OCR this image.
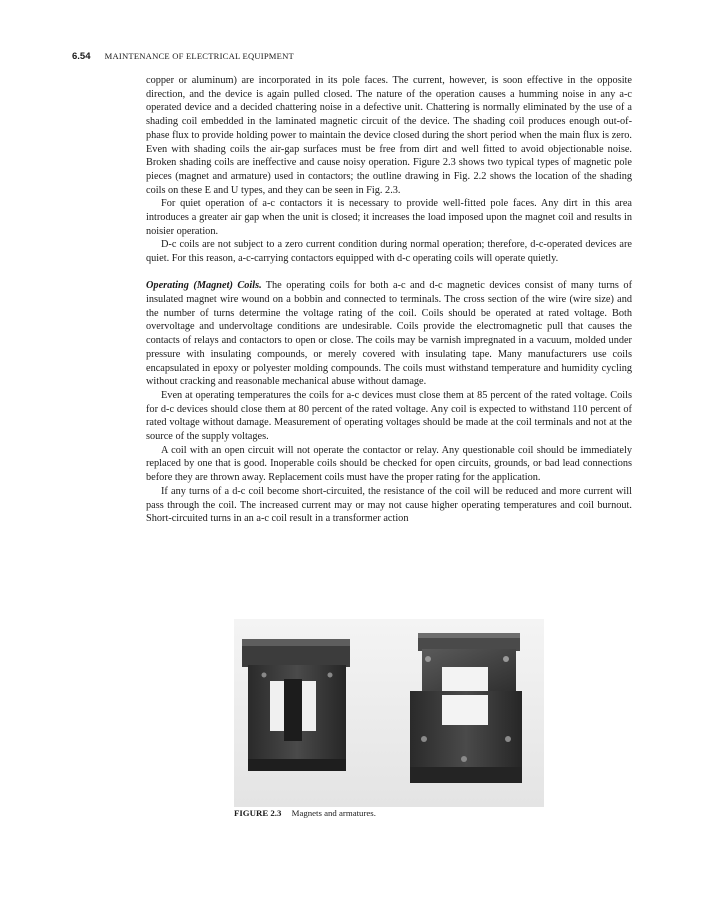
6.54 MAINTENANCE OF ELECTRICAL EQUIPMENT

copper or aluminum) are incorporated in its pole faces. The current, however, is soon effective in the opposite direction, and the device is again pulled closed. The nature of the operation causes a humming noise in any a-c operated device and a decided chattering noise in a defective unit. Chattering is normally eliminated by the use of a shading coil embedded in the laminated magnetic circuit of the device. The shading coil produces enough out-of-phase flux to provide holding power to maintain the device closed during the short period when the main flux is zero. Even with shading coils the air-gap surfaces must be free from dirt and well fitted to avoid objectionable noise. Broken shading coils are ineffective and cause noisy operation. Figure 2.3 shows two typical types of magnetic pole pieces (magnet and armature) used in contactors; the outline drawing in Fig. 2.2 shows the location of the shading coils on these E and U types, and they can be seen in Fig. 2.3.

For quiet operation of a-c contactors it is necessary to provide well-fitted pole faces. Any dirt in this area introduces a greater air gap when the unit is closed; it increases the load imposed upon the magnet coil and results in noisier operation.

D-c coils are not subject to a zero current condition during normal operation; therefore, d-c-operated devices are quiet. For this reason, a-c-carrying contactors equipped with d-c operating coils will operate quietly.

Operating (Magnet) Coils. The operating coils for both a-c and d-c magnetic devices consist of many turns of insulated magnet wire wound on a bobbin and connected to terminals. The cross section of the wire (wire size) and the number of turns determine the voltage rating of the coil. Coils should be operated at rated voltage. Both overvoltage and undervoltage conditions are undesirable. Coils provide the electromagnetic pull that causes the contacts of relays and contactors to open or close. The coils may be varnish impregnated in a vacuum, molded under pressure with insulating compounds, or merely covered with insulating tape. Many manufacturers use coils encapsulated in epoxy or polyester molding compounds. The coils must withstand temperature and humidity cycling without cracking and reasonable mechanical abuse without damage.

Even at operating temperatures the coils for a-c devices must close them at 85 percent of the rated voltage. Coils for d-c devices should close them at 80 percent of the rated voltage. Any coil is expected to withstand 110 percent of rated voltage without damage. Measurement of operating voltages should be made at the coil terminals and not at the source of the supply voltages.

A coil with an open circuit will not operate the contactor or relay. Any questionable coil should be immediately replaced by one that is good. Inoperable coils should be checked for open circuits, grounds, or bad lead connections before they are thrown away. Replacement coils must have the proper rating for the application.

If any turns of a d-c coil become short-circuited, the resistance of the coil will be reduced and more current will pass through the coil. The increased current may or may not cause higher operating temperatures and coil burnout. Short-circuited turns in an a-c coil result in a transformer action

FIGURE 2.3 Magnets and armatures.
